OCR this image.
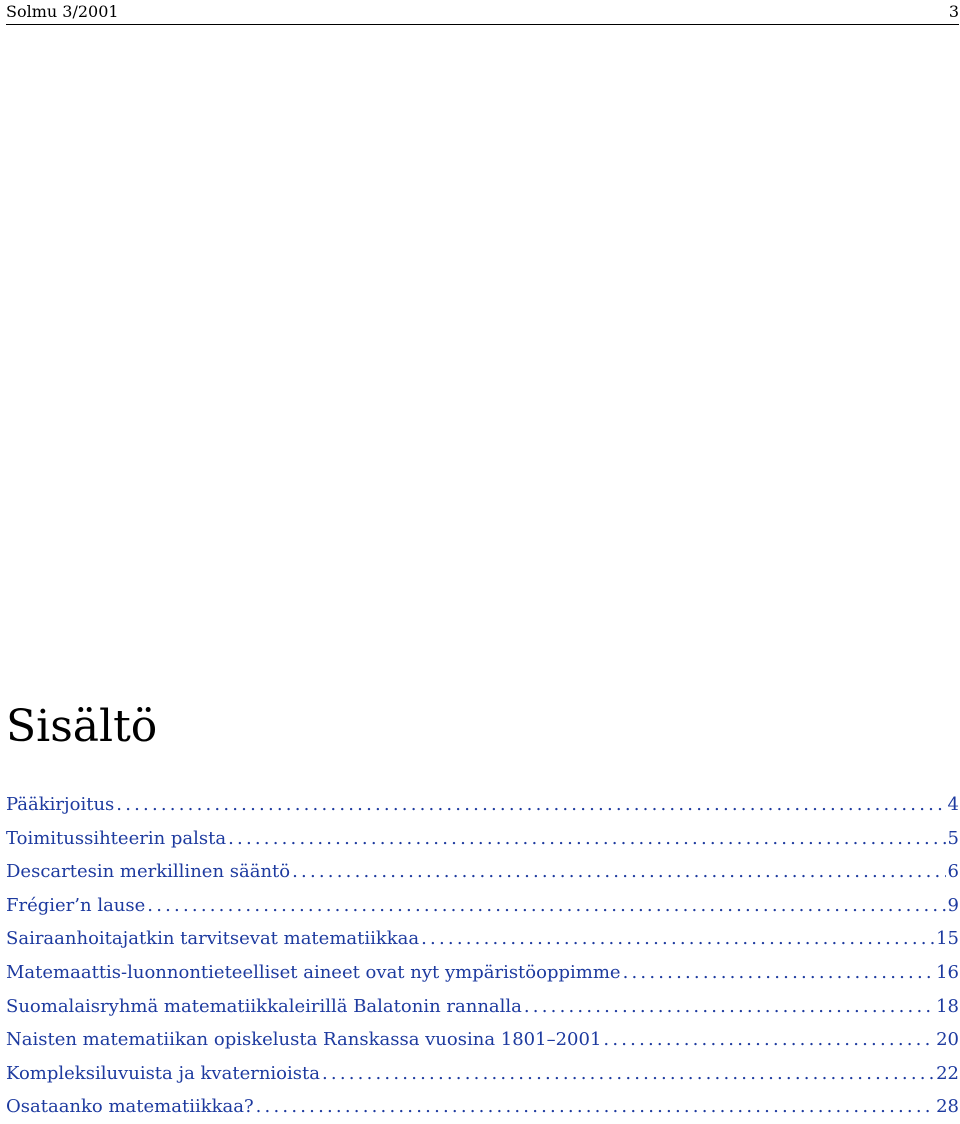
Solmu 3/2001	3
Sisältö
Pääkirjoitus .....	4
Toimitussihteerin palsta .....	5
Descartesin merkillinen sääntö .....	6
Frégier’n lause .....	9
Sairaanhoitajatkin tarvitsevat matematiikkaa .....	15
Matemaattis-luonnontieteelliset aineet ovat nyt ympäristöoppimme .....	16
Suomalaisryhmä matematiikkaleirillä Balatonin rannalla .....	18
Naisten matematiikan opiskelusta Ranskassa vuosina 1801–2001 .....	20
Kompleksiluvuista ja kvaternioista .....	22
Osataanko matematiikkaa? .....	28
